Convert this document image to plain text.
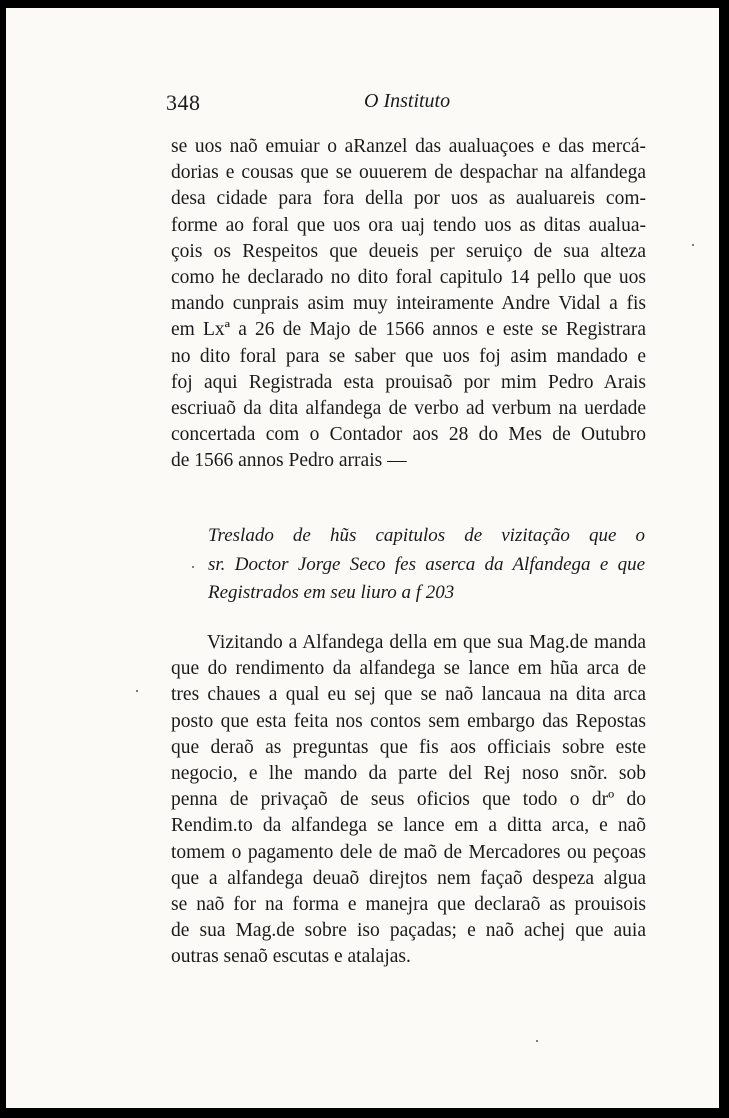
348	O Instituto
se uos naõ emuiar o aRanzel das aualuaçoes e das mercá-
dorias e cousas que se ouuerem de despachar na alfandega
desa cidade para fora della por uos as aualuareis com-
forme ao foral que uos ora uaj tendo uos as ditas aualua-
çois os Respeitos que deueis per seruiço de sua alteza
como he declarado no dito foral capitulo 14 pello que uos
mando cunprais asim muy inteiramente Andre Vidal a fis
em Lxª a 26 de Majo de 1566 annos e este se Registrara
no dito foral para se saber que uos foj asim mandado e
foj aqui Registrada esta prouisaõ por mim Pedro Arais
escriuaõ da dita alfandega de verbo ad verbum na uerdade
concertada com o Contador aos 28 do Mes de Outubro
de 1566 annos Pedro arrais —
Treslado de hũs capitulos de vizitação que o
sr. Doctor Jorge Seco fes aserca da Alfandega e que
Registrados em seu liuro a f 203
Vizitando a Alfandega della em que sua Mag.de manda
que do rendimento da alfandega se lance em hũa arca de
tres chaues a qual eu sej que se naõ lancaua na dita arca
posto que esta feita nos contos sem embargo das Repostas
que deraõ as preguntas que fis aos officiais sobre este
negocio, e lhe mando da parte del Rej noso snõr. sob
penna de privaçaõ de seus oficios que todo o drº do
Rendim.to da alfandega se lance em a ditta arca, e naõ
tomem o pagamento dele de maõ de Mercadores ou peçoas
que a alfandega deuaõ direjtos nem façaõ despeza algua
se naõ for na forma e manejra que declaraõ as prouisois
de sua Mag.de sobre iso paçadas; e naõ achej que auia
outras senaõ escutas e atalajas.
